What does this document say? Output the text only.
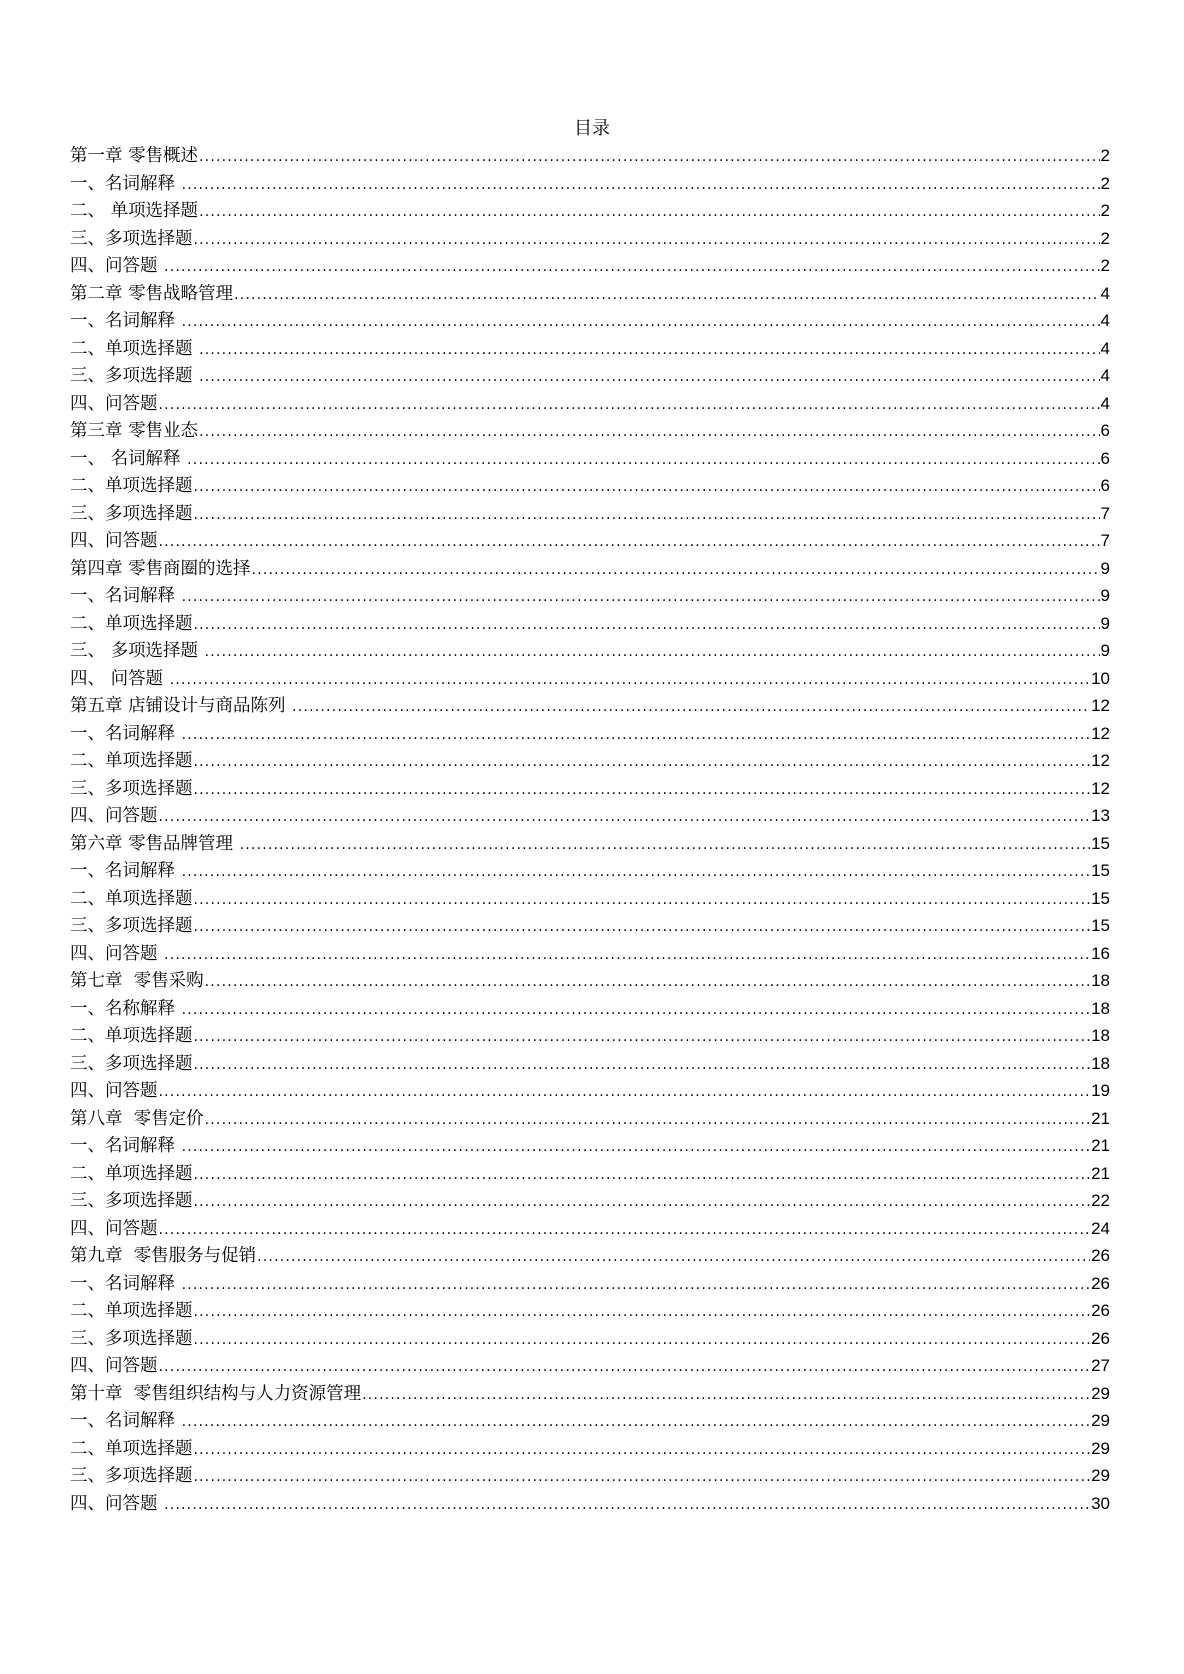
目录
第一章 零售概述 .....	2
一、名词解释 .....	2
二、 单项选择题 .....	2
三、多项选择题 .....	2
四、问答题 .....	2
第二章 零售战略管理 .....	4
一、名词解释 .....	4
二、单项选择题 .....	4
三、多项选择题 .....	4
四、问答题 .....	4
第三章 零售业态 .....	6
一、 名词解释 .....	6
二、单项选择题 .....	6
三、多项选择题 .....	7
四、问答题 .....	7
第四章 零售商圈的选择 .....	9
一、名词解释 .....	9
二、单项选择题 .....	9
三、 多项选择题 .....	9
四、 问答题 .....	10
第五章 店铺设计与商品陈列 .....	12
一、名词解释 .....	12
二、单项选择题 .....	12
三、多项选择题 .....	12
四、问答题 .....	13
第六章 零售品牌管理 .....	15
一、名词解释 .....	15
二、单项选择题 .....	15
三、多项选择题 .....	15
四、问答题 .....	16
第七章  零售采购 .....	18
一、名称解释 .....	18
二、单项选择题 .....	18
三、多项选择题 .....	18
四、问答题 .....	19
第八章  零售定价 .....	21
一、名词解释 .....	21
二、单项选择题 .....	21
三、多项选择题 .....	22
四、问答题 .....	24
第九章  零售服务与促销 .....	26
一、名词解释 .....	26
二、单项选择题 .....	26
三、多项选择题 .....	26
四、问答题 .....	27
第十章  零售组织结构与人力资源管理 .....	29
一、名词解释 .....	29
二、单项选择题 .....	29
三、多项选择题 .....	29
四、问答题 .....	30
